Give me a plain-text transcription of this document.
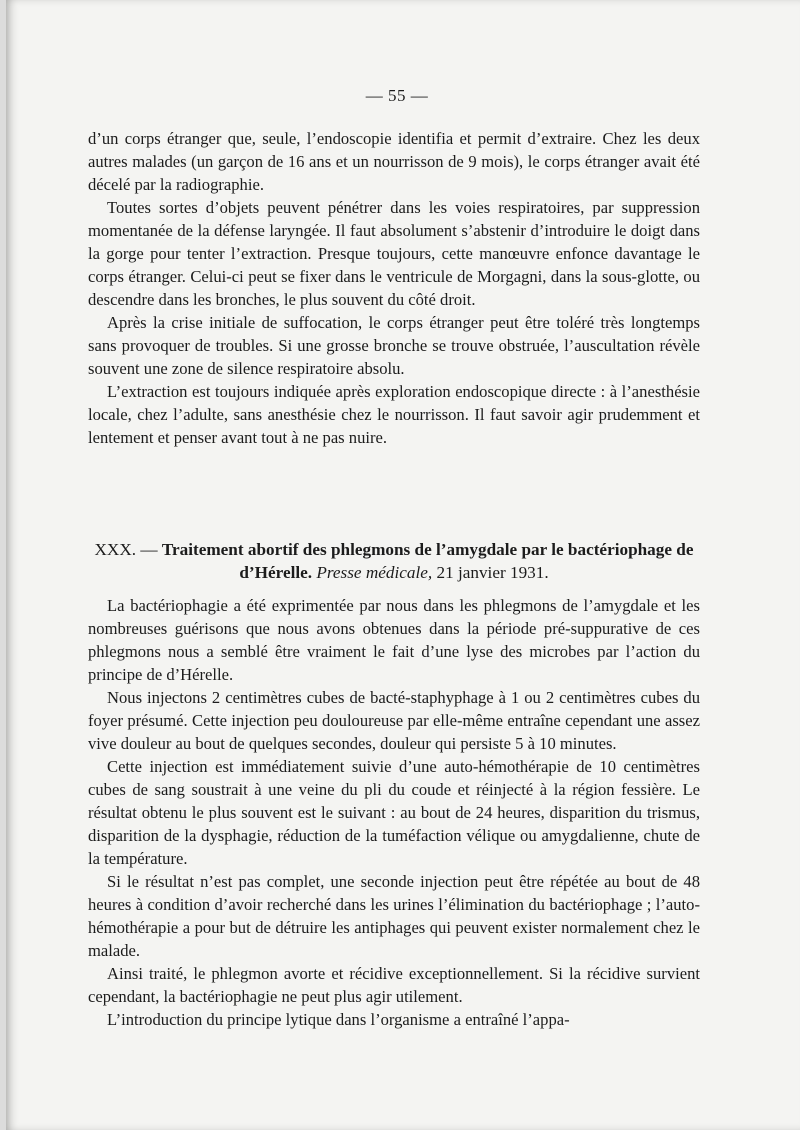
— 55 —

d’un corps étranger que, seule, l’endoscopie identifia et permit d’extraire. Chez les deux autres malades (un garçon de 16 ans et un nourrisson de 9 mois), le corps étranger avait été décelé par la radiographie.

Toutes sortes d’objets peuvent pénétrer dans les voies respiratoires, par suppression momentanée de la défense laryngée. Il faut absolument s’abstenir d’introduire le doigt dans la gorge pour tenter l’extraction. Presque toujours, cette manœuvre enfonce davantage le corps étranger. Celui-ci peut se fixer dans le ventricule de Morgagni, dans la sous-glotte, ou descendre dans les bronches, le plus souvent du côté droit.

Après la crise initiale de suffocation, le corps étranger peut être toléré très longtemps sans provoquer de troubles. Si une grosse bronche se trouve obstruée, l’auscultation révèle souvent une zone de silence respiratoire absolu.

L’extraction est toujours indiquée après exploration endoscopique directe : à l’anesthésie locale, chez l’adulte, sans anesthésie chez le nourrisson. Il faut savoir agir prudemment et lentement et penser avant tout à ne pas nuire.

XXX. — Traitement abortif des phlegmons de l’amygdale par le bactériophage de d’Hérelle. Presse médicale, 21 janvier 1931.

La bactériophagie a été exprimentée par nous dans les phlegmons de l’amygdale et les nombreuses guérisons que nous avons obtenues dans la période pré-suppurative de ces phlegmons nous a semblé être vraiment le fait d’une lyse des microbes par l’action du principe de d’Hérelle.

Nous injectons 2 centimètres cubes de bacté-staphyphage à 1 ou 2 centimètres cubes du foyer présumé. Cette injection peu douloureuse par elle-même entraîne cependant une assez vive douleur au bout de quelques secondes, douleur qui persiste 5 à 10 minutes.

Cette injection est immédiatement suivie d’une auto-hémothérapie de 10 centimètres cubes de sang soustrait à une veine du pli du coude et réinjecté à la région fessière. Le résultat obtenu le plus souvent est le suivant : au bout de 24 heures, disparition du trismus, disparition de la dysphagie, réduction de la tuméfaction vélique ou amygdalienne, chute de la température.

Si le résultat n’est pas complet, une seconde injection peut être répétée au bout de 48 heures à condition d’avoir recherché dans les urines l’élimination du bactériophage ; l’auto-hémothérapie a pour but de détruire les antiphages qui peuvent exister normalement chez le malade.

Ainsi traité, le phlegmon avorte et récidive exceptionnellement. Si la récidive survient cependant, la bactériophagie ne peut plus agir utilement.

L’introduction du principe lytique dans l’organisme a entraîné l’appa-
